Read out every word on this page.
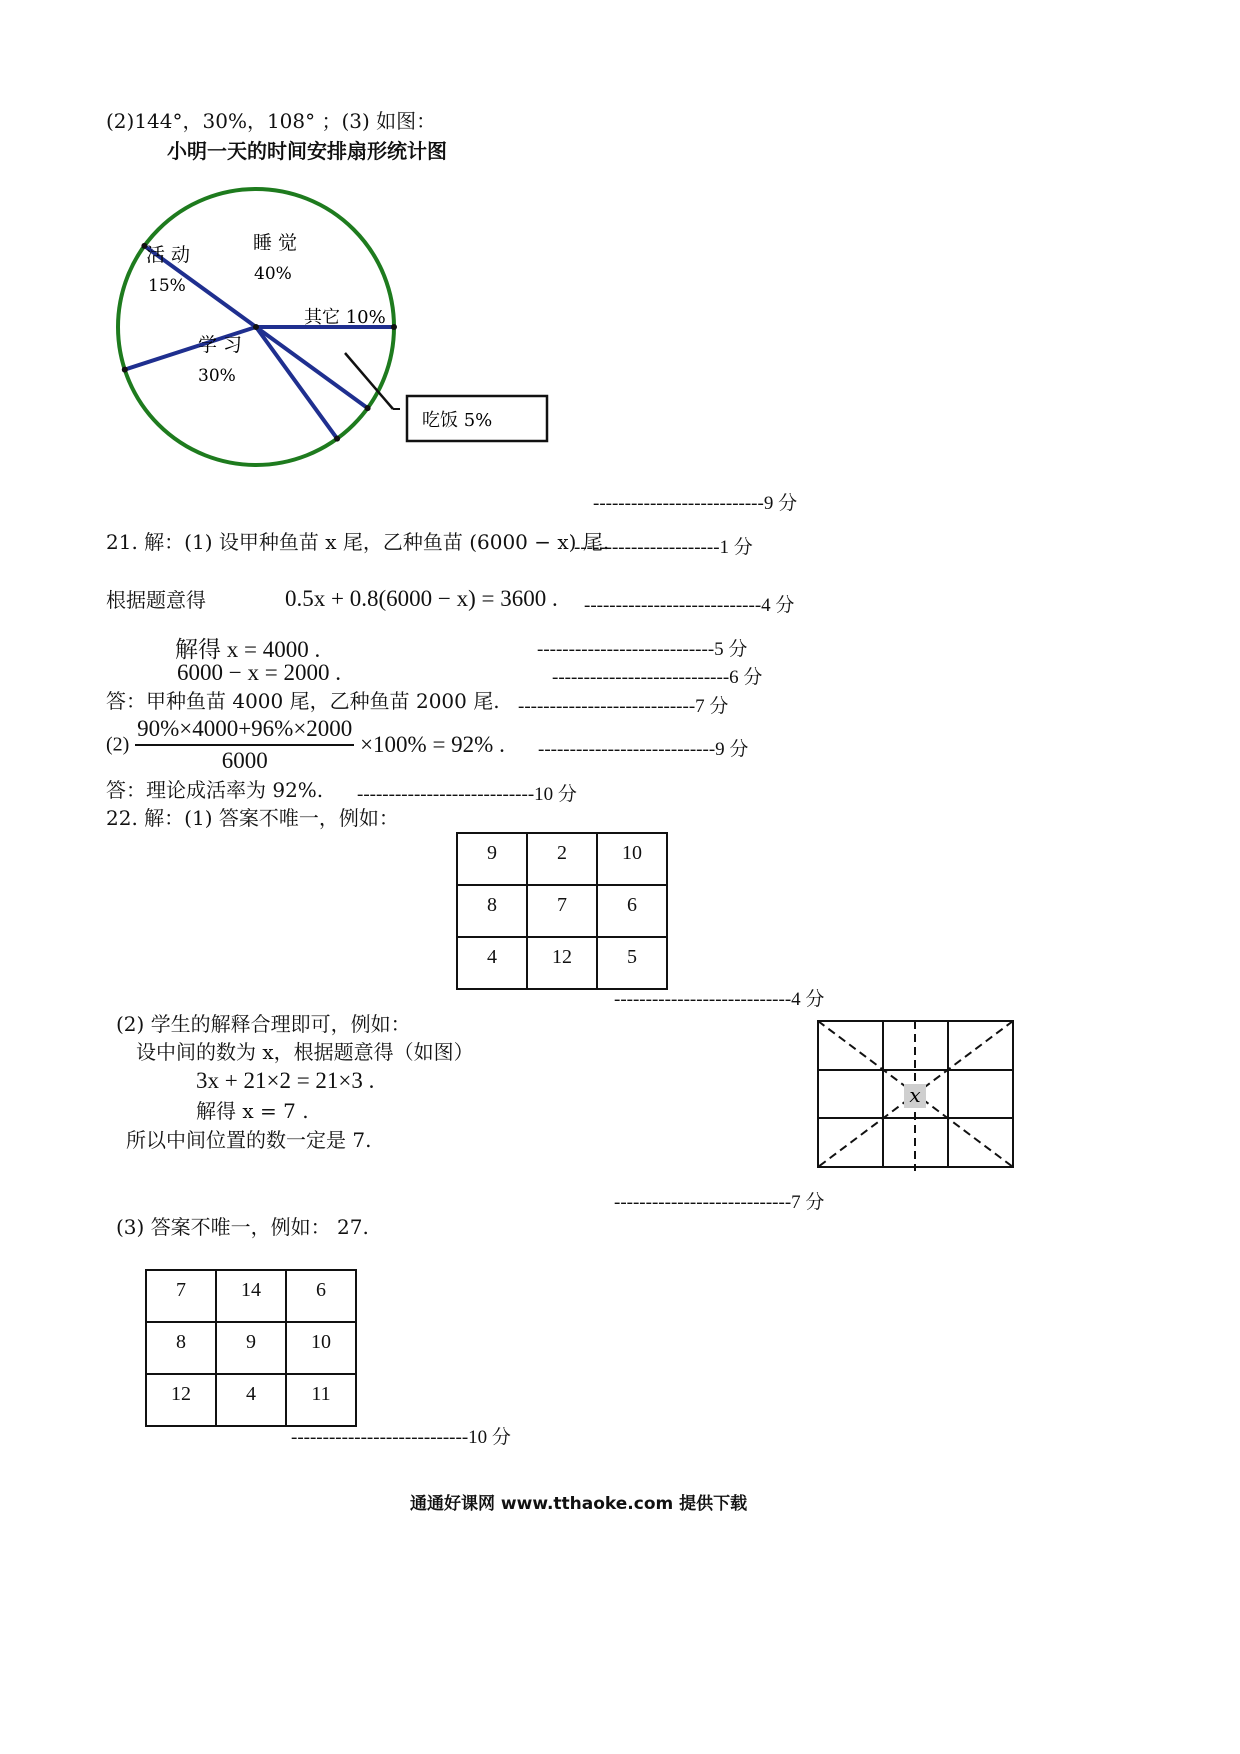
(2)144°，30%，108° ；(3) 如图：
小明一天的时间安排扇形统计图
活 动
15%
睡 觉
40%
其它 10%
学 习
30%
吃饭 5%
---------------------------9 分
21. 解：(1) 设甲种鱼苗 x 尾，乙种鱼苗 (6000 − x) 尾.
-----------------------1 分
根据题意得	0.5x + 0.8(6000 − x) = 3600 . ----------------------------4 分
解得 x = 4000 .	----------------------------5 分
6000 − x = 2000 .	----------------------------6 分
答：甲种鱼苗 4000 尾，乙种鱼苗 2000 尾. ----------------------------7 分
$(2) \frac{90\%\times 4000+96\%\times 2000}{6000} \times 100\% = 92\%$ . ----------------------------9 分
答：理论成活率为 92%. ----------------------------10 分
22. 解：(1) 答案不唯一，例如：
9	2	10
8	7	6
4	12	5
----------------------------4 分
(2) 学生的解释合理即可，例如：
设中间的数为 x，根据题意得（如图）
3x + 21×2 = 21×3 .
解得 x = 7 .
所以中间位置的数一定是 7.
x
----------------------------7 分
(3) 答案不唯一，例如： 27.
7	14	6
8	9	10
12	4	11
----------------------------10 分
通通好课网 www.tthaoke.com 提供下载
